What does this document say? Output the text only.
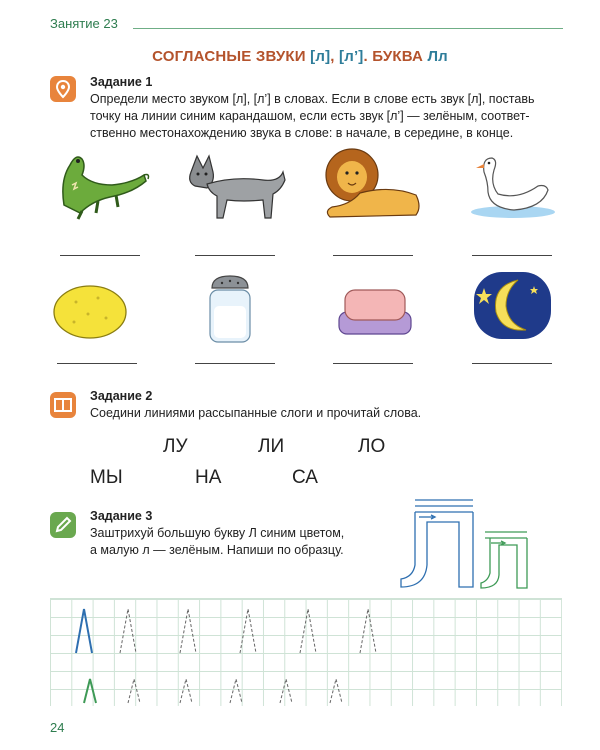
Занятие 23
СОГЛАСНЫЕ ЗВУКИ [л], [л’]. БУКВА Лл
Задание 1
Определи место звуком [л], [л’] в словах. Если в слове есть звук [л], поставь
точку на линии синим карандашом, если есть звук [л’] — зелёным, соответ-
ственно местонахождению звука в слове: в начале, в середине, в конце.
Задание 2
Соедини линиями рассыпанные слоги и прочитай слова.
ЛУ	ЛИ	ЛО
МЫ	НА	СА
Задание 3
Заштрихуй большую букву Л синим цветом,
а малую л — зелёным. Напиши по образцу.
24
